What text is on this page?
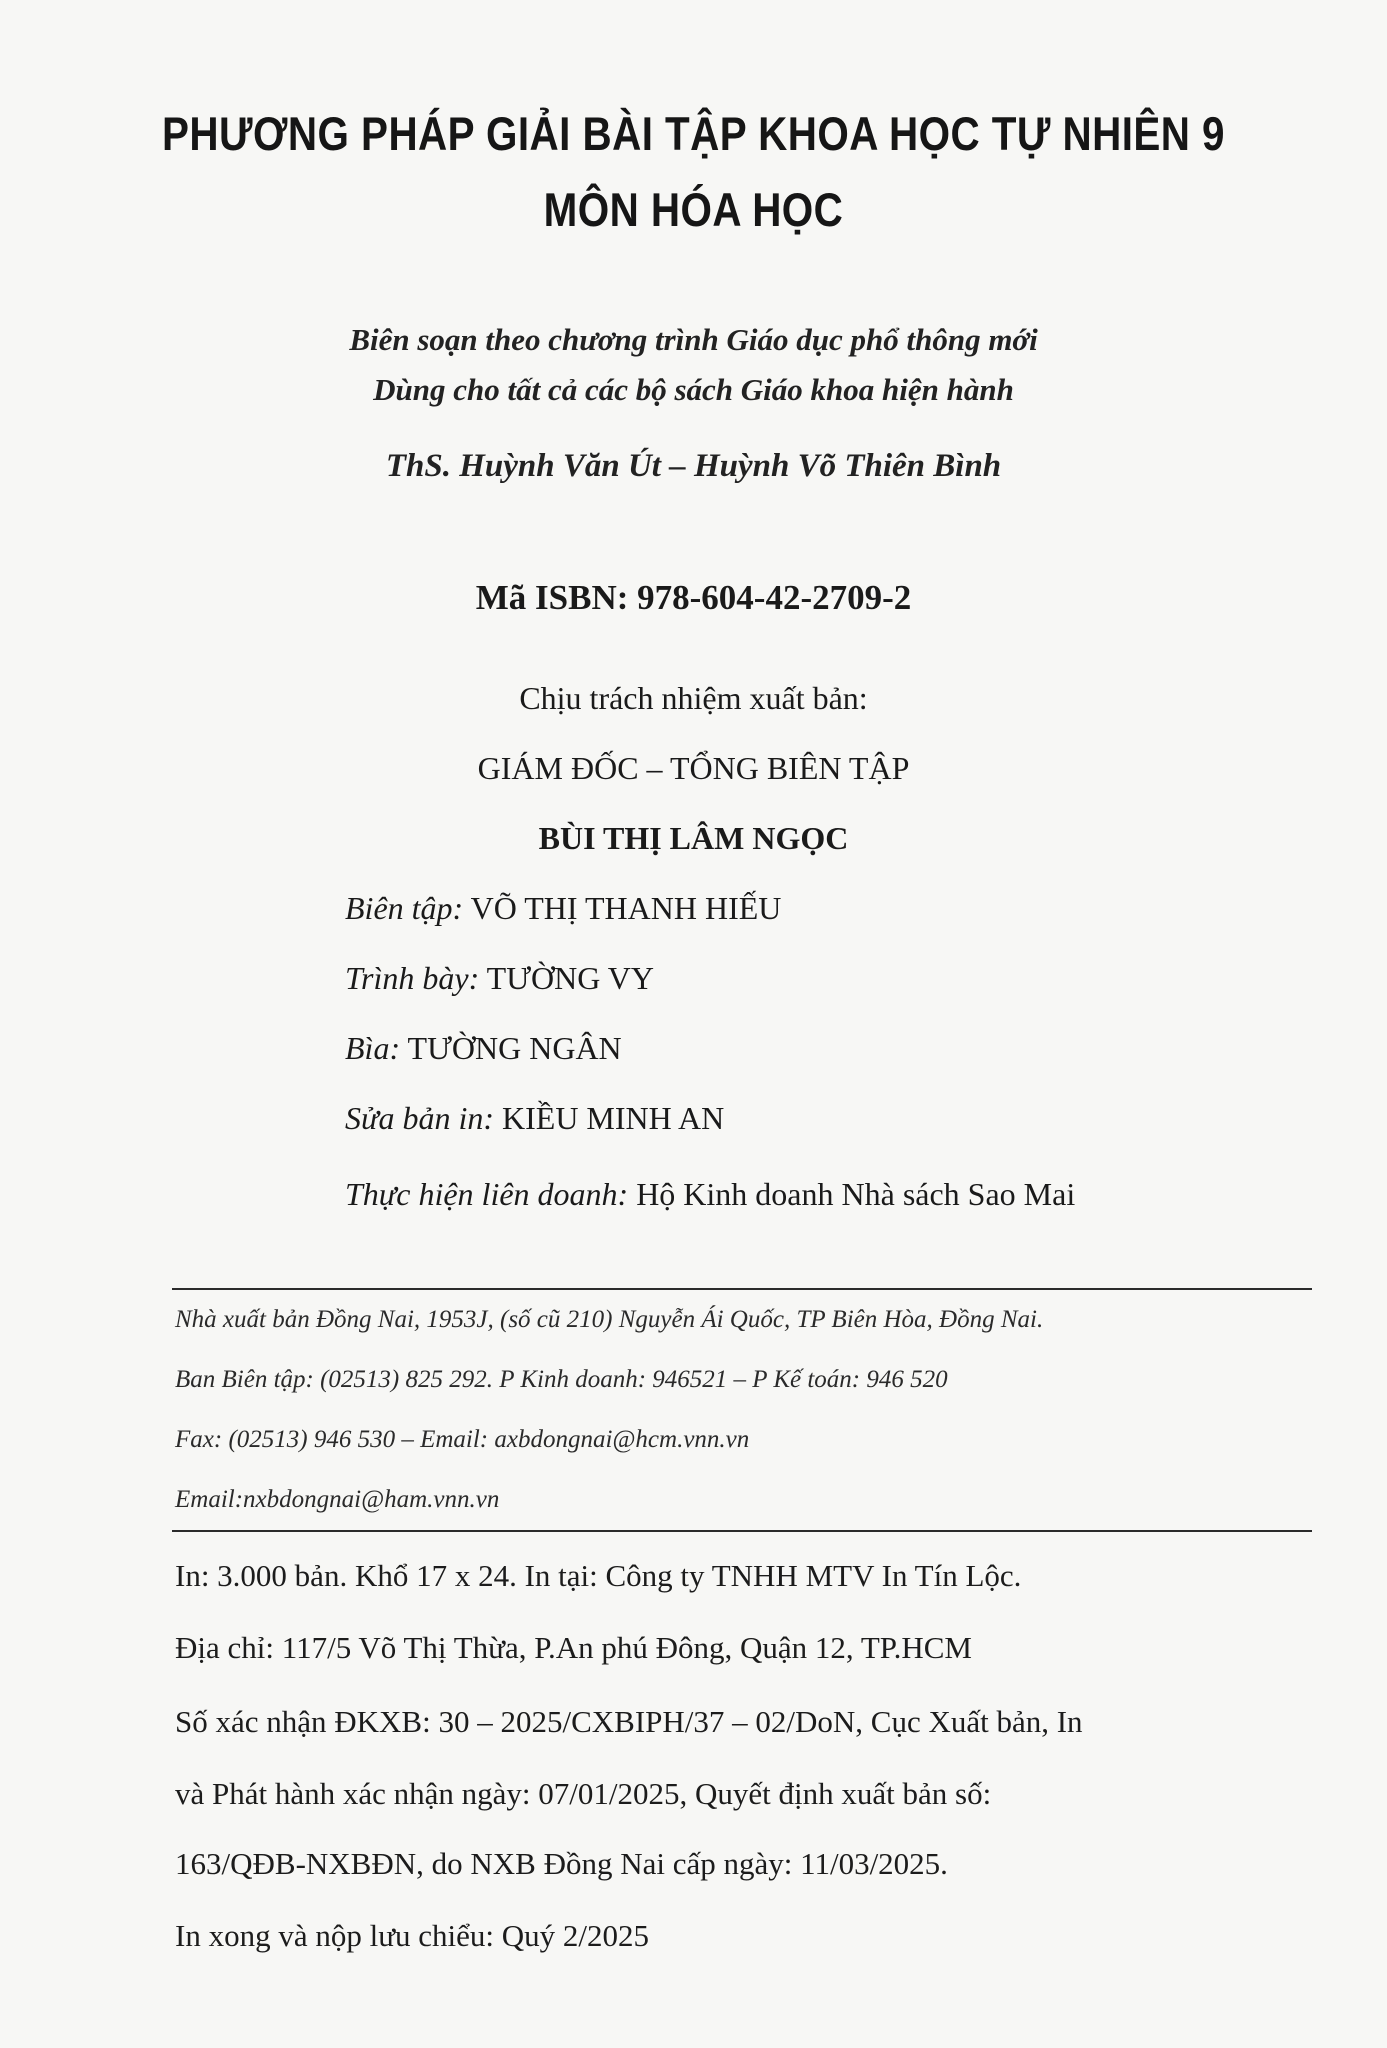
PHƯƠNG PHÁP GIẢI BÀI TẬP KHOA HỌC TỰ NHIÊN 9
MÔN HÓA HỌC
Biên soạn theo chương trình Giáo dục phổ thông mới
Dùng cho tất cả các bộ sách Giáo khoa hiện hành
ThS. Huỳnh Văn Út – Huỳnh Võ Thiên Bình
Mã ISBN: 978-604-42-2709-2
Chịu trách nhiệm xuất bản:
GIÁM ĐỐC – TỔNG BIÊN TẬP
BÙI THỊ LÂM NGỌC
Biên tập: VÕ THỊ THANH HIẾU
Trình bày: TƯỜNG VY
Bìa: TƯỜNG NGÂN
Sửa bản in: KIỀU MINH AN
Thực hiện liên doanh: Hộ Kinh doanh Nhà sách Sao Mai
Nhà xuất bản Đồng Nai, 1953J, (số cũ 210) Nguyễn Ái Quốc, TP Biên Hòa, Đồng Nai.
Ban Biên tập: (02513) 825 292. P Kinh doanh: 946521 – P Kế toán: 946 520
Fax: (02513) 946 530 – Email: axbdongnai@hcm.vnn.vn
Email:nxbdongnai@ham.vnn.vn
In: 3.000 bản. Khổ 17 x 24. In tại: Công ty TNHH MTV In Tín Lộc.
Địa chỉ: 117/5 Võ Thị Thừa, P.An phú Đông, Quận 12, TP.HCM
Số xác nhận ĐKXB: 30 – 2025/CXBIPH/37 – 02/DoN, Cục Xuất bản, In
và Phát hành xác nhận ngày: 07/01/2025, Quyết định xuất bản số:
163/QĐB-NXBĐN, do NXB Đồng Nai cấp ngày: 11/03/2025.
In xong và nộp lưu chiểu: Quý 2/2025
